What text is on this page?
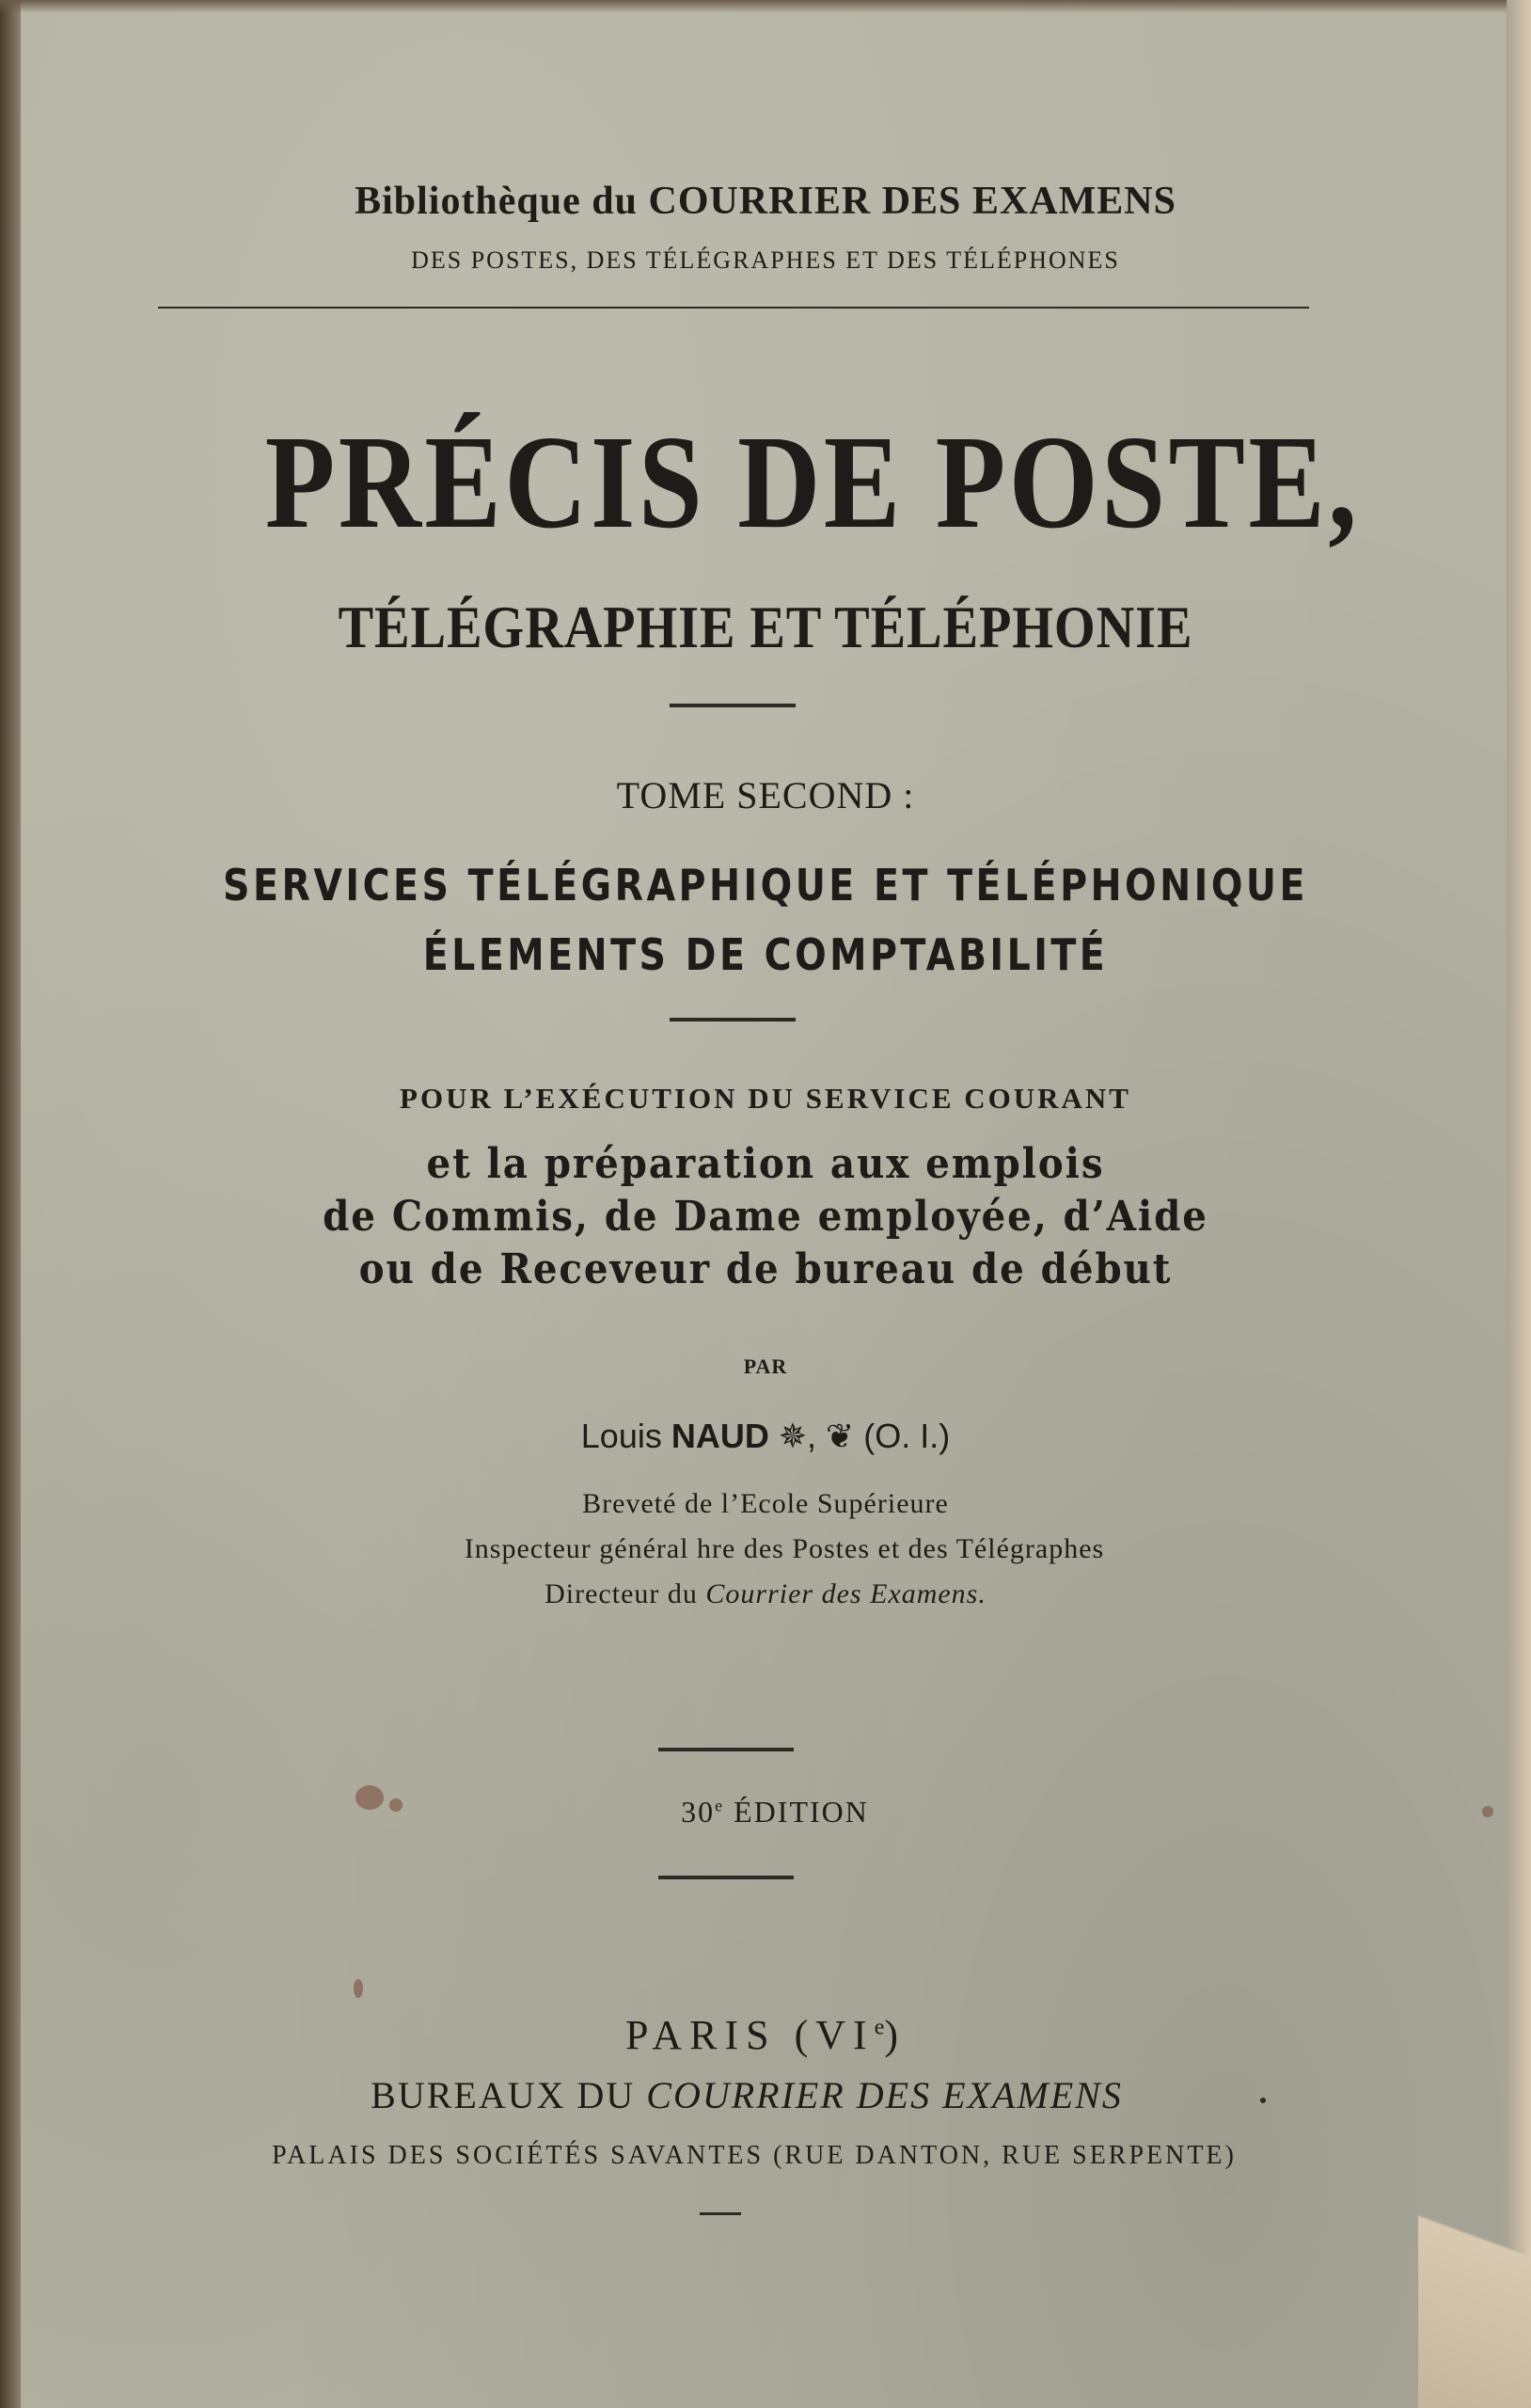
Bibliothèque du COURRIER DES EXAMENS
DES POSTES, DES TÉLÉGRAPHES ET DES TÉLÉPHONES
PRÉCIS DE POSTE,
TÉLÉGRAPHIE ET TÉLÉPHONIE
TOME SECOND :
SERVICES TÉLÉGRAPHIQUE ET TÉLÉPHONIQUE
ÉLEMENTS DE COMPTABILITÉ
POUR L’EXÉCUTION DU SERVICE COURANT
et la préparation aux emplois
de Commis, de Dame employée, d’Aide
ou de Receveur de bureau de début
PAR
Louis NAUD ✵, ❦ (O. I.)
Breveté de l’Ecole Supérieure
Inspecteur général hre des Postes et des Télégraphes
Directeur du Courrier des Examens.
30e ÉDITION
PARIS (VIe)
BUREAUX DU COURRIER DES EXAMENS
PALAIS DES SOCIÉTÉS SAVANTES (RUE DANTON, RUE SERPENTE)
